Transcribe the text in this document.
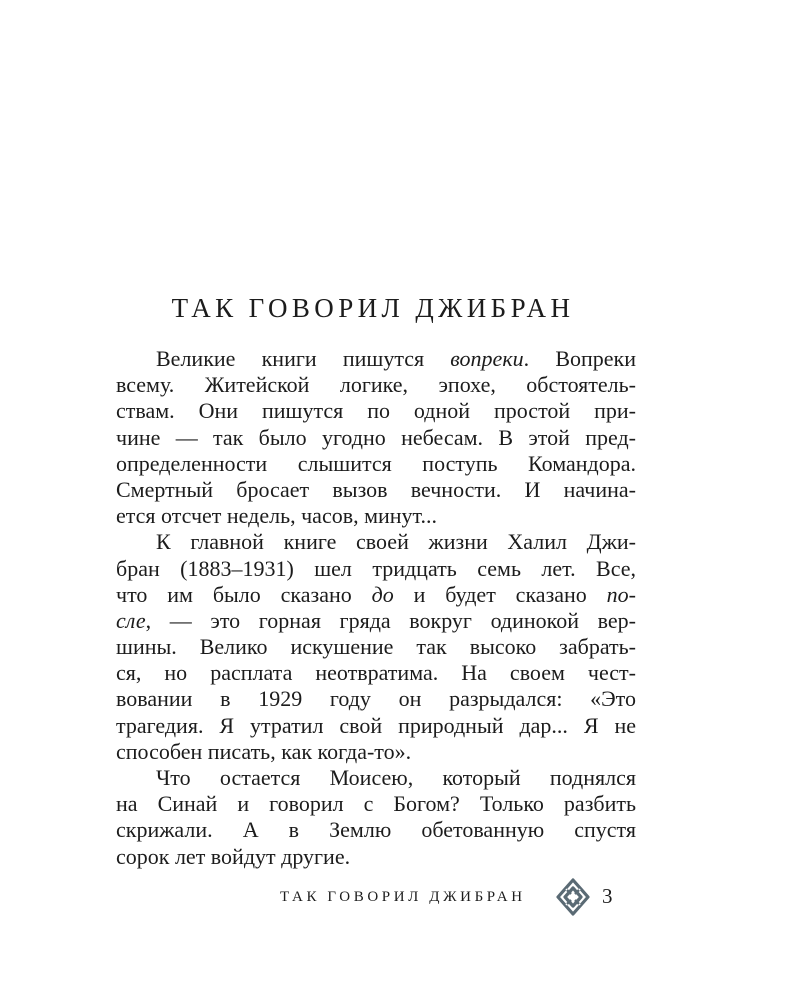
ТАК ГОВОРИЛ ДЖИБРАН
Великие книги пишутся вопреки. Вопреки
всему. Житейской логике, эпохе, обстоятель-
ствам. Они пишутся по одной простой при-
чине — так было угодно небесам. В этой пред-
определенности слышится поступь Командора.
Смертный бросает вызов вечности. И начина-
ется отсчет недель, часов, минут...
К главной книге своей жизни Халил Джи-
бран (1883–1931) шел тридцать семь лет. Все,
что им было сказано до и будет сказано по-
сле, — это горная гряда вокруг одинокой вер-
шины. Велико искушение так высоко забрать-
ся, но расплата неотвратима. На своем чест-
вовании в 1929 году он разрыдался: «Это
трагедия. Я утратил свой природный дар... Я не
способен писать, как когда-то».
Что остается Моисею, который поднялся
на Синай и говорил с Богом? Только разбить
скрижали. А в Землю обетованную спустя
сорок лет войдут другие.
ТАК ГОВОРИЛ ДЖИБРАН	3
